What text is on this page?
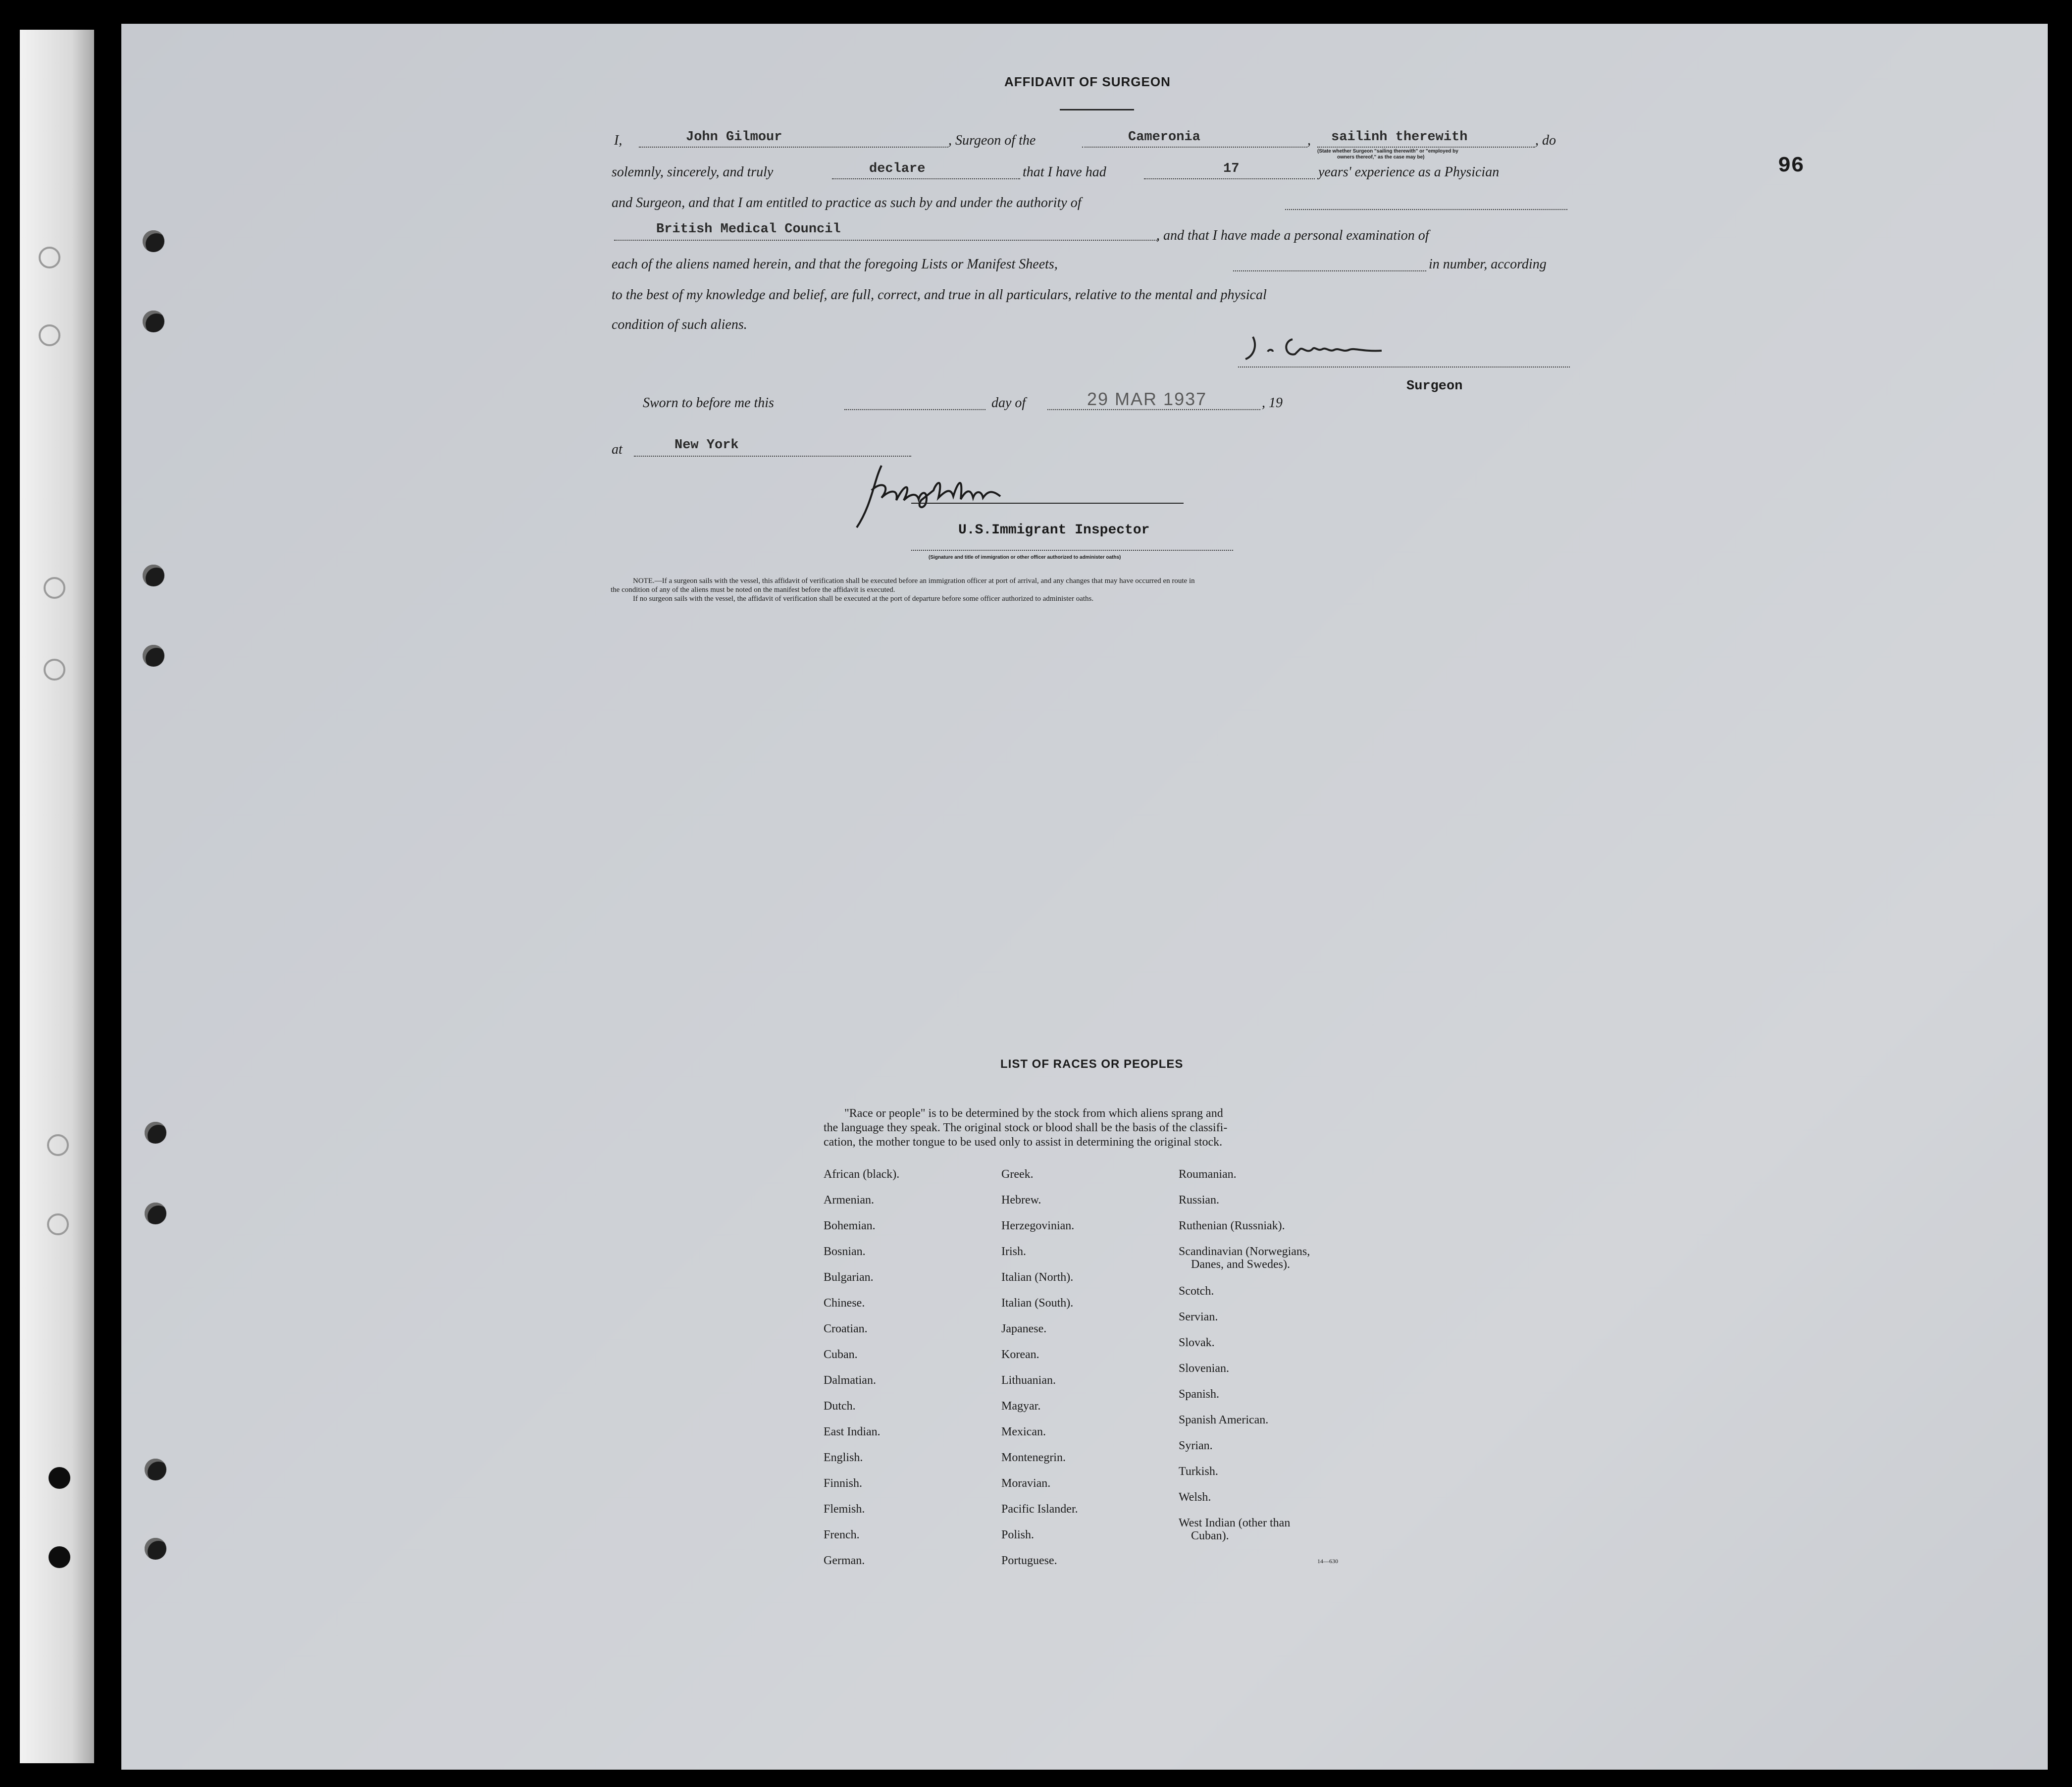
96
AFFIDAVIT OF SURGEON
I,	John Gilmour	, Surgeon of the	Cameronia	, sailinh therewith	, do
(State whether Surgeon "sailing therewith" or "employed by
owners thereof," as the case may be)
solemnly, sincerely, and truly	declare	that I have had	17	years' experience as a Physician
and Surgeon, and that I am entitled to practice as such by and under the authority of
British Medical Council	, and that I have made a personal examination of
each of the aliens named herein, and that the foregoing Lists or Manifest Sheets,	in number, according
to the best of my knowledge and belief, are full, correct, and true in all particulars, relative to the mental and physical
condition of such aliens.
Surgeon
Sworn to before me this	day of	29 MAR 1937	, 19
at	New York
U.S.Immigrant Inspector
(Signature and title of immigration or other officer authorized to administer oaths)
NOTE.—If a surgeon sails with the vessel, this affidavit of verification shall be executed before an immigration officer at port of arrival, and any changes that may have occurred en route in
the condition of any of the aliens must be noted on the manifest before the affidavit is executed.
If no surgeon sails with the vessel, the affidavit of verification shall be executed at the port of departure before some officer authorized to administer oaths.
LIST OF RACES OR PEOPLES
"Race or people" is to be determined by the stock from which aliens sprang and
the language they speak. The original stock or blood shall be the basis of the classifi-
cation, the mother tongue to be used only to assist in determining the original stock.
African (black).
Armenian.
Bohemian.
Bosnian.
Bulgarian.
Chinese.
Croatian.
Cuban.
Dalmatian.
Dutch.
East Indian.
English.
Finnish.
Flemish.
French.
German.
Greek.
Hebrew.
Herzegovinian.
Irish.
Italian (North).
Italian (South).
Japanese.
Korean.
Lithuanian.
Magyar.
Mexican.
Montenegrin.
Moravian.
Pacific Islander.
Polish.
Portuguese.
Roumanian.
Russian.
Ruthenian (Russniak).
Scandinavian (Norwegians,
Danes, and Swedes).
Scotch.
Servian.
Slovak.
Slovenian.
Spanish.
Spanish American.
Syrian.
Turkish.
Welsh.
West Indian (other than
Cuban).
14—630
